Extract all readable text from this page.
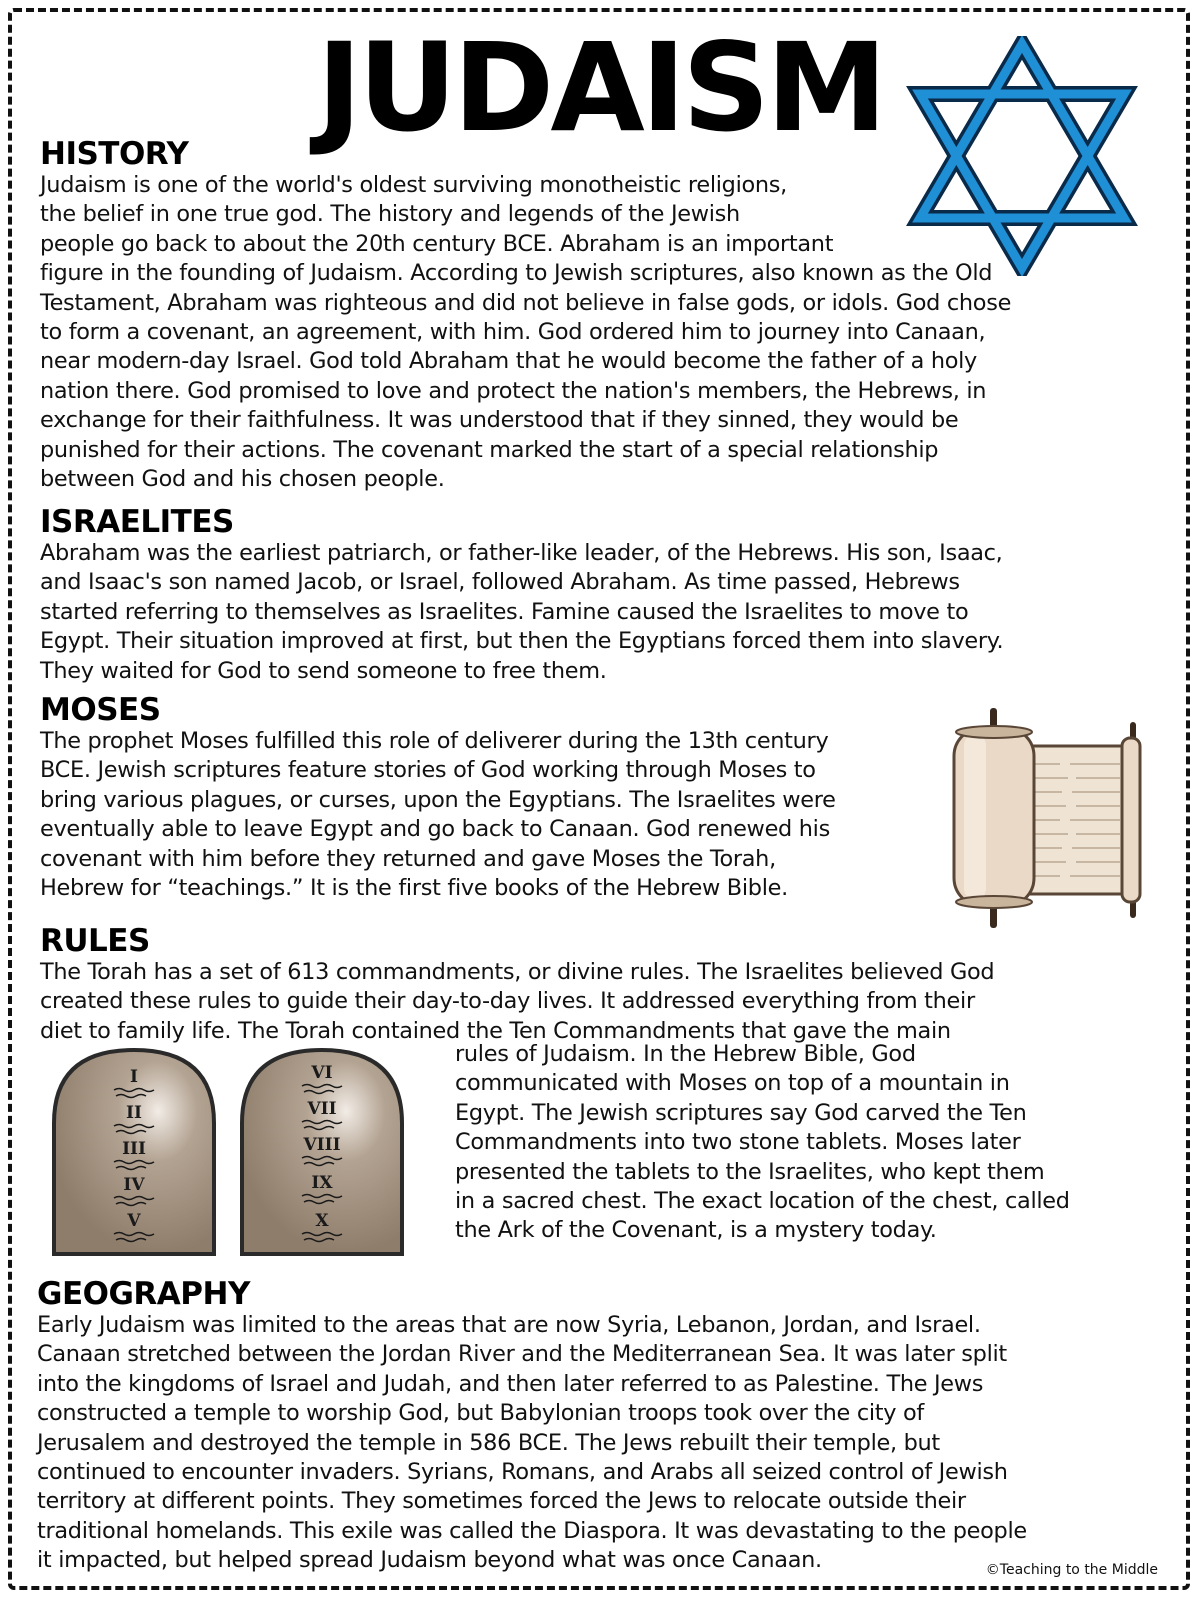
JUDAISM
HISTORY

Judaism is one of the world's oldest surviving monotheistic religions,
the belief in one true god. The history and legends of the Jewish
people go back to about the 20th century BCE. Abraham is an important
figure in the founding of Judaism. According to Jewish scriptures, also known as the Old
Testament, Abraham was righteous and did not believe in false gods, or idols. God chose
to form a covenant, an agreement, with him. God ordered him to journey into Canaan,
near modern-day Israel. God told Abraham that he would become the father of a holy
nation there. God promised to love and protect the nation's members, the Hebrews, in
exchange for their faithfulness. It was understood that if they sinned, they would be
punished for their actions. The covenant marked the start of a special relationship
between God and his chosen people.

ISRAELITES

Abraham was the earliest patriarch, or father-like leader, of the Hebrews. His son, Isaac,
and Isaac's son named Jacob, or Israel, followed Abraham. As time passed, Hebrews
started referring to themselves as Israelites. Famine caused the Israelites to move to
Egypt. Their situation improved at first, but then the Egyptians forced them into slavery.
They waited for God to send someone to free them.

MOSES

The prophet Moses fulfilled this role of deliverer during the 13th century
BCE. Jewish scriptures feature stories of God working through Moses to
bring various plagues, or curses, upon the Egyptians. The Israelites were
eventually able to leave Egypt and go back to Canaan. God renewed his
covenant with him before they returned and gave Moses the Torah,
Hebrew for “teachings.” It is the first five books of the Hebrew Bible.

RULES

The Torah has a set of 613 commandments, or divine rules. The Israelites believed God
created these rules to guide their day-to-day lives. It addressed everything from their
diet to family life. The Torah contained the Ten Commandments that gave the main

I
II
III
IV
V
VI
VII
VIII
IX
X

rules of Judaism. In the Hebrew Bible, God
communicated with Moses on top of a mountain in
Egypt. The Jewish scriptures say God carved the Ten
Commandments into two stone tablets. Moses later
presented the tablets to the Israelites, who kept them
in a sacred chest. The exact location of the chest, called
the Ark of the Covenant, is a mystery today.

GEOGRAPHY

Early Judaism was limited to the areas that are now Syria, Lebanon, Jordan, and Israel.
Canaan stretched between the Jordan River and the Mediterranean Sea. It was later split
into the kingdoms of Israel and Judah, and then later referred to as Palestine. The Jews
constructed a temple to worship God, but Babylonian troops took over the city of
Jerusalem and destroyed the temple in 586 BCE. The Jews rebuilt their temple, but
continued to encounter invaders. Syrians, Romans, and Arabs all seized control of Jewish
territory at different points. They sometimes forced the Jews to relocate outside their
traditional homelands. This exile was called the Diaspora. It was devastating to the people
it impacted, but helped spread Judaism beyond what was once Canaan.	©Teaching to the Middle
